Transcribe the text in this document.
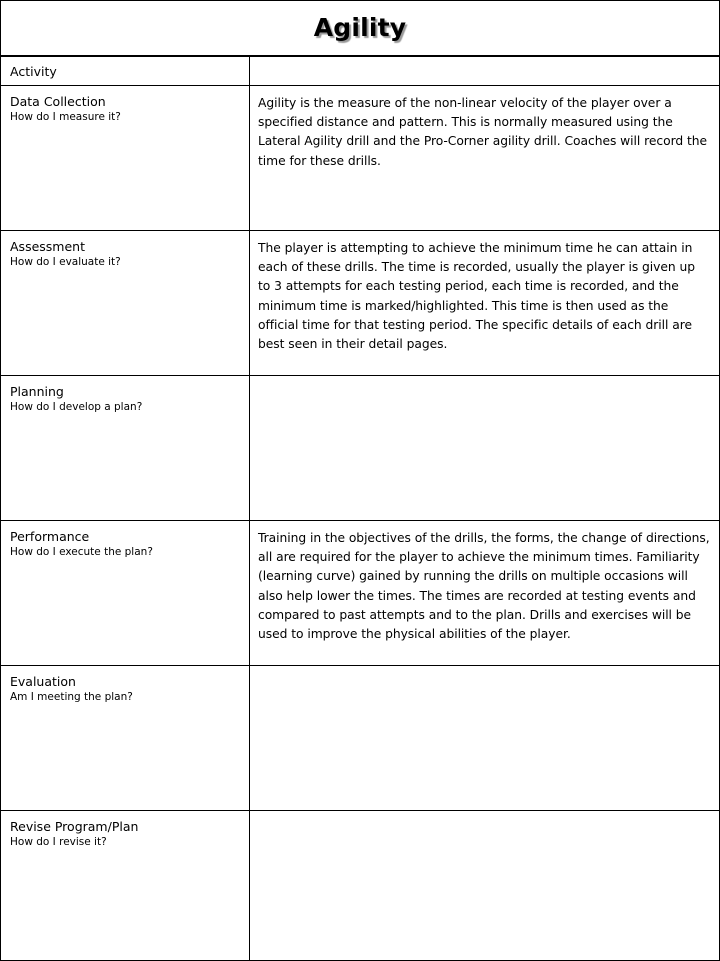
Agility
Activity	

Data Collection
How do I measure it?	Agility is the measure of the non-linear velocity of the player over a specified distance and pattern. This is normally measured using the Lateral Agility drill and the Pro-Corner agility drill. Coaches will record the time for these drills.

Assessment
How do I evaluate it?	The player is attempting to achieve the minimum time he can attain in each of these drills. The time is recorded, usually the player is given up to 3 attempts for each testing period, each time is recorded, and the minimum time is marked/highlighted. This time is then used as the official time for that testing period. The specific details of each drill are best seen in their detail pages.

Planning
How do I develop a plan?	

Performance
How do I execute the plan?	Training in the objectives of the drills, the forms, the change of directions, all are required for the player to achieve the minimum times. Familiarity (learning curve) gained by running the drills on multiple occasions will also help lower the times. The times are recorded at testing events and compared to past attempts and to the plan. Drills and exercises will be used to improve the physical abilities of the player.

Evaluation
Am I meeting the plan?	

Revise Program/Plan
How do I revise it?	
